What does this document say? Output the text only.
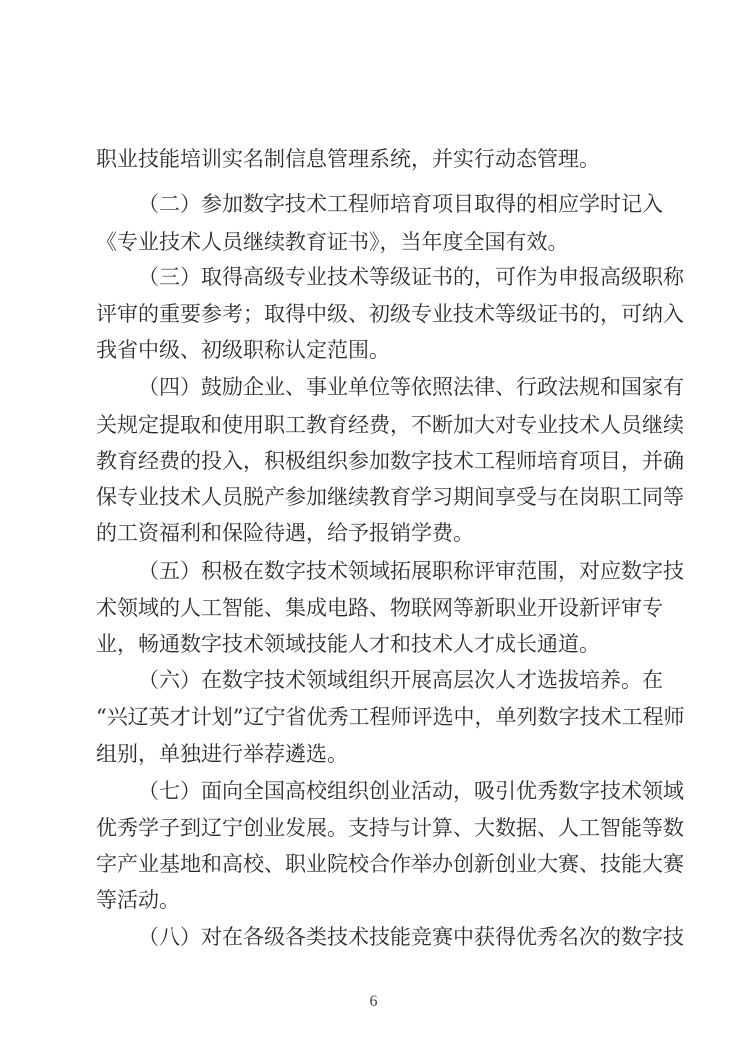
职业技能培训实名制信息管理系统，并实行动态管理。
（二）参加数字技术工程师培育项目取得的相应学时记入
《专业技术人员继续教育证书》，当年度全国有效。
（三）取得高级专业技术等级证书的，可作为申报高级职称
评审的重要参考；取得中级、初级专业技术等级证书的，可纳入
我省中级、初级职称认定范围。
（四）鼓励企业、事业单位等依照法律、行政法规和国家有
关规定提取和使用职工教育经费，不断加大对专业技术人员继续
教育经费的投入，积极组织参加数字技术工程师培育项目，并确
保专业技术人员脱产参加继续教育学习期间享受与在岗职工同等
的工资福利和保险待遇，给予报销学费。
（五）积极在数字技术领域拓展职称评审范围，对应数字技
术领域的人工智能、集成电路、物联网等新职业开设新评审专
业，畅通数字技术领域技能人才和技术人才成长通道。
（六）在数字技术领域组织开展高层次人才选拔培养。在
“兴辽英才计划”辽宁省优秀工程师评选中，单列数字技术工程师
组别，单独进行举荐遴选。
（七）面向全国高校组织创业活动，吸引优秀数字技术领域
优秀学子到辽宁创业发展。支持与计算、大数据、人工智能等数
字产业基地和高校、职业院校合作举办创新创业大赛、技能大赛
等活动。
（八）对在各级各类技术技能竞赛中获得优秀名次的数字技
6
